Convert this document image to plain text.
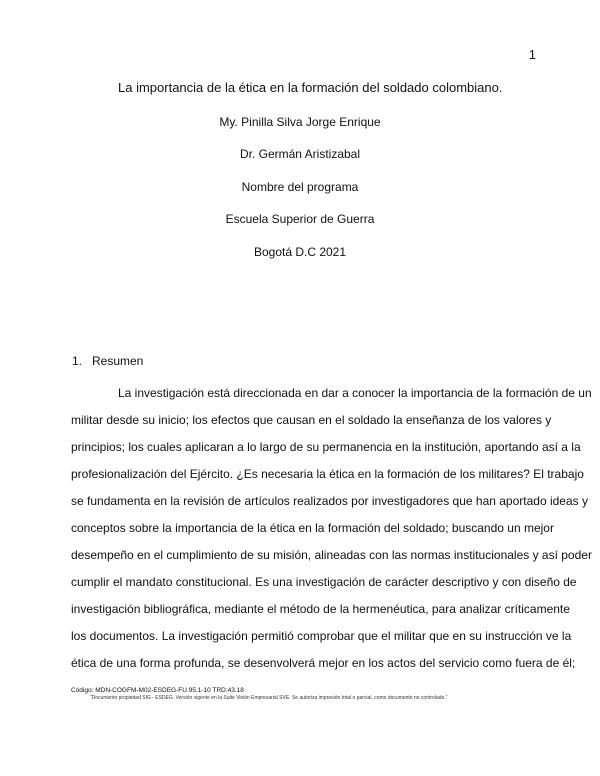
1
La importancia de la ética en la formación del soldado colombiano.
My. Pinilla Silva Jorge Enrique
Dr. Germán Aristizabal
Nombre del programa
Escuela Superior de Guerra
Bogotá D.C 2021
1. Resumen
La investigación está direccionada en dar a conocer la importancia de la formación de un
militar desde su inicio; los efectos que causan en el soldado la enseñanza de los valores y
principios; los cuales aplicaran a lo largo de su permanencia en la institución, aportando así a la
profesionalización del Ejército. ¿Es necesaria la ética en la formación de los militares? El trabajo
se fundamenta en la revisión de artículos realizados por investigadores que han aportado ideas y
conceptos sobre la importancia de la ética en la formación del soldado; buscando un mejor
desempeño en el cumplimiento de su misión, alineadas con las normas institucionales y así poder
cumplir el mandato constitucional. Es una investigación de carácter descriptivo y con diseño de
investigación bibliográfica, mediante el método de la hermenéutica, para analizar críticamente
los documentos. La investigación permitió comprobar que el militar que en su instrucción ve la
ética de una forma profunda, se desenvolverá mejor en los actos del servicio como fuera de él;
Código: MDN-COGFM-M02-ESDEG-FU.95.1-10 TRD:43.18
“Documento propiedad SIG - ESDEG. Versión vigente en la Suite Visión Empresarial SVE. Se autoriza impresión total o parcial, como documento no controlado.”
